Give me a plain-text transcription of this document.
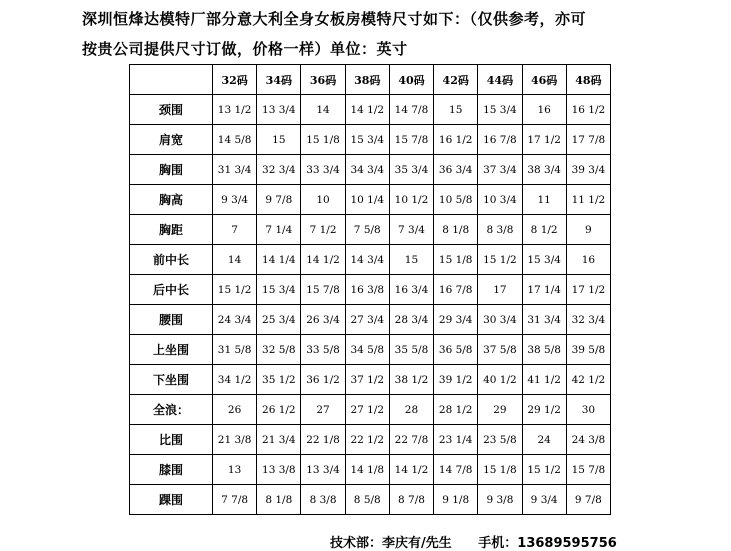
深圳恒烽达模特厂部分意大利全身女板房模特尺寸如下：（仅供参考，亦可
按贵公司提供尺寸订做，价格一样）单位：英寸
	32码	34码	36码	38码	40码	42码	44码	46码	48码
颈围	13 1/2	13 3/4	14	14 1/2	14 7/8	15	15 3/4	16	16 1/2
肩宽	14 5/8	15	15 1/8	15 3/4	15 7/8	16 1/2	16 7/8	17 1/2	17 7/8
胸围	31 3/4	32 3/4	33 3/4	34 3/4	35 3/4	36 3/4	37 3/4	38 3/4	39 3/4
胸高	9 3/4	9 7/8	10	10 1/4	10 1/2	10 5/8	10 3/4	11	11 1/2
胸距	7	7 1/4	7 1/2	7 5/8	7 3/4	8 1/8	8 3/8	8 1/2	9
前中长	14	14 1/4	14 1/2	14 3/4	15	15 1/8	15 1/2	15 3/4	16
后中长	15 1/2	15 3/4	15 7/8	16 3/8	16 3/4	16 7/8	17	17 1/4	17 1/2
腰围	24 3/4	25 3/4	26 3/4	27 3/4	28 3/4	29 3/4	30 3/4	31 3/4	32 3/4
上坐围	31 5/8	32 5/8	33 5/8	34 5/8	35 5/8	36 5/8	37 5/8	38 5/8	39 5/8
下坐围	34 1/2	35 1/2	36 1/2	37 1/2	38 1/2	39 1/2	40 1/2	41 1/2	42 1/2
全浪：	26	26 1/2	27	27 1/2	28	28 1/2	29	29 1/2	30
比围	21 3/8	21 3/4	22 1/8	22 1/2	22 7/8	23 1/4	23 5/8	24	24 3/8
膝围	13	13 3/8	13 3/4	14 1/8	14 1/2	14 7/8	15 1/8	15 1/2	15 7/8
踝围	7 7/8	8 1/8	8 3/8	8 5/8	8 7/8	9 1/8	9 3/8	9 3/4	9 7/8
技术部：李庆有/先生 手机：13689595756
